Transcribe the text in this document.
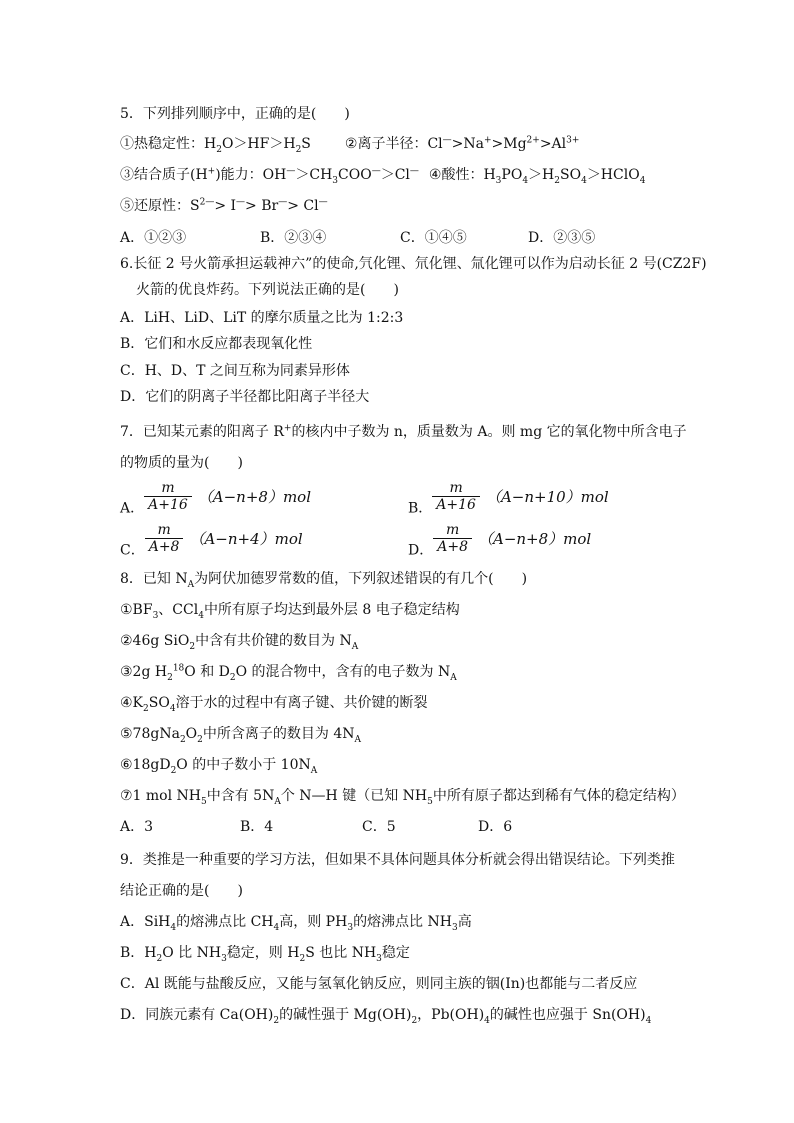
5．下列排列顺序中，正确的是( )
①热稳定性：$H_2O>HF>H_2S$ ②离子半径：$Cl^—>Na^+>Mg^{2+}>Al^{3+}$
③结合质子(H+)能力：$OH^—>CH_3COO^—>Cl^—$ ④酸性：$H_3PO_4>H_2SO_4>HClO_4$
⑤还原性：$S^{2—}> I^—> Br^—> Cl^—$
A．①②③	B．②③④	C．①④⑤	D．②③⑤
6.长征 2 号火箭承担运载神六”的使命,氕化锂、氘化锂、氚化锂可以作为启动长征 2 号(CZ2F)
火箭的优良炸药。下列说法正确的是( )
A．LiH、LiD、LiT 的摩尔质量之比为 1:2:3
B．它们和水反应都表现氧化性
C．H、D、T 之间互称为同素异形体
D．它们的阴离子半径都比阳离子半径大
7．已知某元素的阳离子 R+的核内中子数为 n，质量数为 A。则 mg 它的氧化物中所含电子
的物质的量为( )
A． $\frac{m}{A+16} (A-n+8)mol$
B． $\frac{m}{A+16} (A-n+10)mol$
C． $\frac{m}{A+8} (A-n+4)mol$
D． $\frac{m}{A+8} (A-n+8)mol$
8．已知 $N_A$为阿伏加德罗常数的值，下列叙述错误的有几个( )
$①BF_3$、CCl$_4$中所有原子均达到最外层 8 电子稳定结构
②46g SiO$_2$中含有共价键的数目为 $N_A$
③2g $H_2^{18}O$ 和 $D_2O$ 的混合物中，含有的电子数为 $N_A$
$④K_2SO_4$溶于水的过程中有离子键、共价键的断裂
$⑤78gNa_2O_2$中所含离子的数目为 $4N_A$
$⑥18gD_2O$ 的中子数小于 $10N_A$
⑦1 mol $NH_5$中含有 $5N_A$个 N—H 键（已知 $NH_5$中所有原子都达到稀有气体的稳定结构）
A．3	B．4	C．5	D．6
9．类推是一种重要的学习方法，但如果不具体问题具体分析就会得出错误结论。下列类推
结论正确的是( )
A．SiH$_4$的熔沸点比 $CH_4$高，则 $PH_3$的熔沸点比 $NH_3$高
B．$H_2O$ 比 $NH_3$稳定，则 $H_2S$ 也比 $NH_3$稳定
C．Al 既能与盐酸反应，又能与氢氧化钠反应，则同主族的铟(In)也都能与二者反应
D．同族元素有 $Ca(OH)_2$的碱性强于 $Mg(OH)_2$，$Pb(OH)_4$的碱性也应强于 $Sn(OH)_4$
